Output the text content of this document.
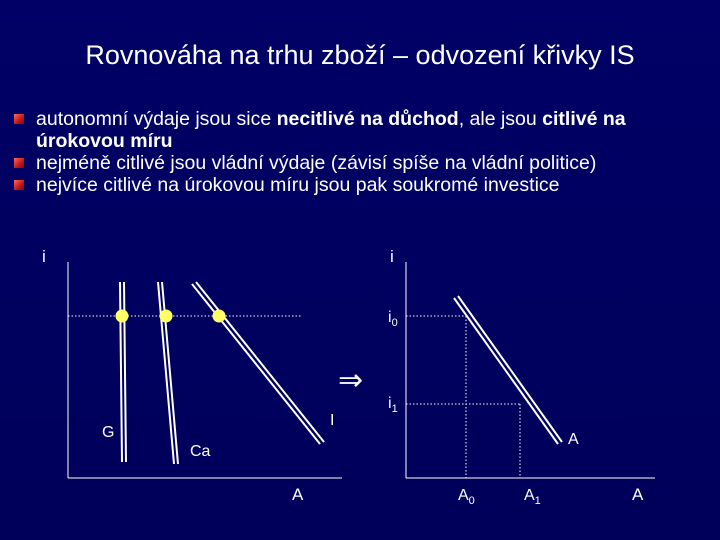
Rovnováha na trhu zboží – odvození křivky IS
autonomní výdaje jsou sice necitlivé na důchod, ale jsou citlivé na úrokovou míru
nejméně citlivé jsou vládní výdaje (závisí spíše na vládní politice)
nejvíce citlivé na úrokovou míru jsou pak soukromé investice
i
A
G
Ca
I
⇒
i
A
A
$i_0$
$i_1$
$A_0$	$A_1$
